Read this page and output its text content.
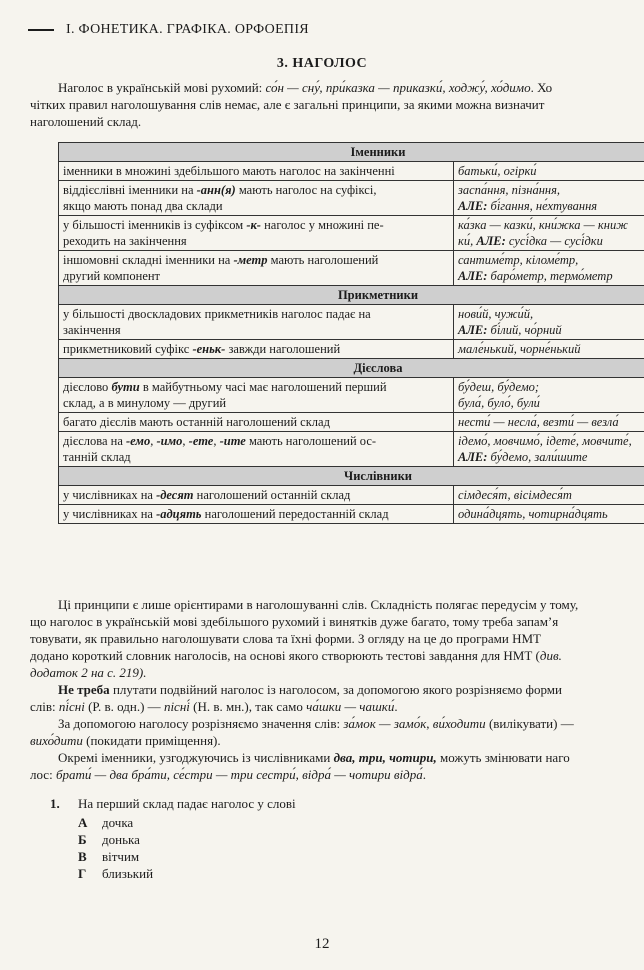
І. ФОНЕТИКА. ГРАФІКА. ОРФОЕПІЯ
3. НАГОЛОС

Наголос в українській мові рухомий: со́н — сну́, при́казка — приказки́, ходжу́, хо́димо. Хо

чітких правил наголошування слів немає, але є загальні принципи, за якими можна визначит

наголошений склад.

Іменники	
іменники в множині здебільшого мають наголос на закінченні	батьки́, огірки́
віддієслівні іменники на -анн(я) мають наголос на суфіксі,
якщо мають понад два склади	заспа́ння, пізна́ння,
АЛЕ: бі́гання, не́хтування
у більшості іменників із суфіксом -к- наголос у множині пе-
реходить на закінчення	ка́зка — казки́, кни́жка — книж
ки́, АЛЕ: сусі́дка — сусі́дки
іншомовні складні іменники на -метр мають наголошений
другий компонент	сантиме́тр, кіломе́тр,
АЛЕ: баро́метр, термо́метр
Прикметники	
у більшості двоскладових прикметників наголос падає на
закінчення	нови́й, чужи́й,
АЛЕ: бі́лий, чо́рний
прикметниковий суфікс -еньк- завжди наголошений	мале́нький, чорне́нький
Дієслова	
дієслово бути в майбутньому часі має наголошений перший
склад, а в минулому — другий	бу́деш, бу́демо;
була́, було́, були́
багато дієслів мають останній наголошений склад	нести́ — несла́, везти́ — везла́
дієслова на -емо, -имо, -ете, -ите мають наголошений ос-
танній склад	ідемо́, мовчимо́, ідете́, мовчите́,
АЛЕ: бу́демо, зали́шите
Числівники	
у числівниках на -десят наголошений останній склад	сімдеся́т, вісімдеся́т
у числівниках на -адцять наголошений передостанній склад	одина́дцять, чотирна́дцять

Ці принципи є лише орієнтирами в наголошуванні слів. Складність полягає передусім у тому,

що наголос в українській мові здебільшого рухомий і винятків дуже багато, тому треба запам’я

товувати, як правильно наголошувати слова та їхні форми. З огляду на це до програми НМТ

додано короткий словник наголосів, на основі якого створюють тестові завдання для НМТ (див.

додаток 2 на с. 219).

Не треба плутати подвійний наголос із наголосом, за допомогою якого розрізняємо форми

слів: пі́сні (Р. в. одн.) — пісні́ (Н. в. мн.), так само ча́шки — чашки́.

За допомогою наголосу розрізняємо значення слів: за́мок — замо́к, ви́ходити (вилікувати) —

вихо́дити (покидати приміщення).

Окремі іменники, узгоджуючись із числівниками два, три, чотири, можуть змінювати наго

лос: брати́ — два бра́ти, се́стри — три сестри́, відра́ — чотири відра́.

1.	На перший склад падає наголос у слові
А	дочка
Б	донька
В	вітчим
Г	близький
12
